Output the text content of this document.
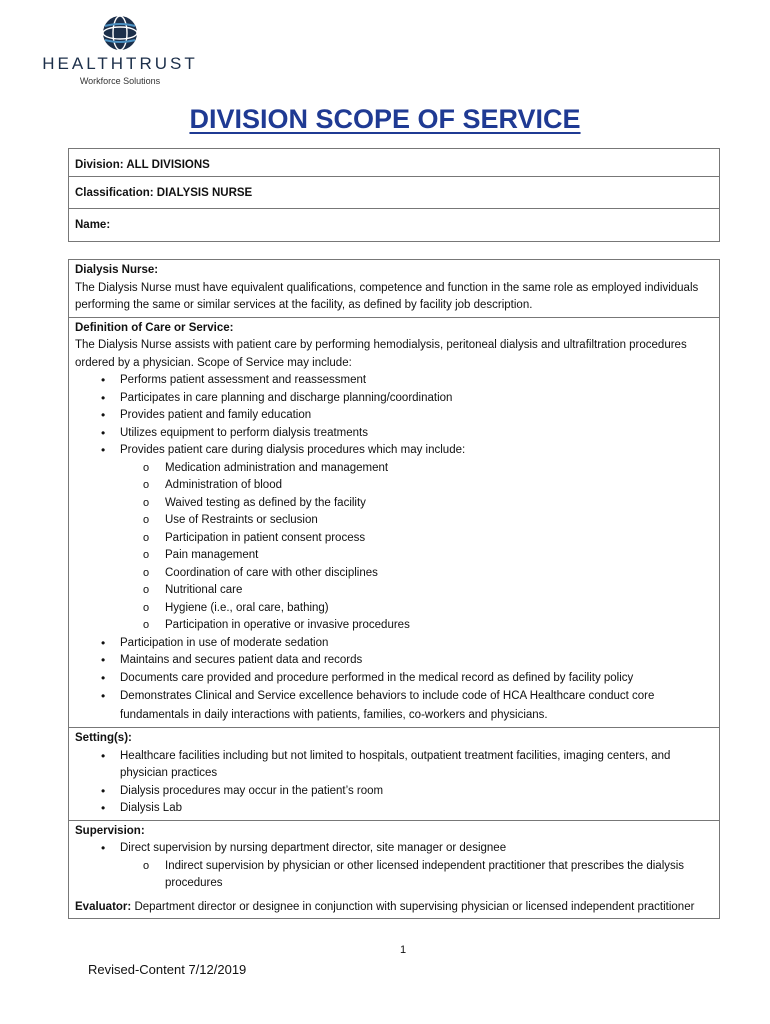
HEALTHTRUST
Workforce Solutions
DIVISION SCOPE OF SERVICE
Division: ALL DIVISIONS
Classification: DIALYSIS NURSE
Name:
Dialysis Nurse:
The Dialysis Nurse must have equivalent qualifications, competence and function in the same role as employed individuals performing the same or similar services at the facility, as defined by facility job description.
Definition of Care or Service:
The Dialysis Nurse assists with patient care by performing hemodialysis, peritoneal dialysis and ultrafiltration procedures ordered by a physician. Scope of Service may include:
• Performs patient assessment and reassessment
• Participates in care planning and discharge planning/coordination
• Provides patient and family education
• Utilizes equipment to perform dialysis treatments
• Provides patient care during dialysis procedures which may include:
o Medication administration and management
o Administration of blood
o Waived testing as defined by the facility
o Use of Restraints or seclusion
o Participation in patient consent process
o Pain management
o Coordination of care with other disciplines
o Nutritional care
o Hygiene (i.e., oral care, bathing)
o Participation in operative or invasive procedures
• Participation in use of moderate sedation
• Maintains and secures patient data and records
• Documents care provided and procedure performed in the medical record as defined by facility policy
• Demonstrates Clinical and Service excellence behaviors to include code of HCA Healthcare conduct core fundamentals in daily interactions with patients, families, co-workers and physicians.
Setting(s):
• Healthcare facilities including but not limited to hospitals, outpatient treatment facilities, imaging centers, and physician practices
• Dialysis procedures may occur in the patient’s room
• Dialysis Lab
Supervision:
• Direct supervision by nursing department director, site manager or designee
o Indirect supervision by physician or other licensed independent practitioner that prescribes the dialysis procedures
Evaluator: Department director or designee in conjunction with supervising physician or licensed independent practitioner
1
Revised-Content 7/12/2019
